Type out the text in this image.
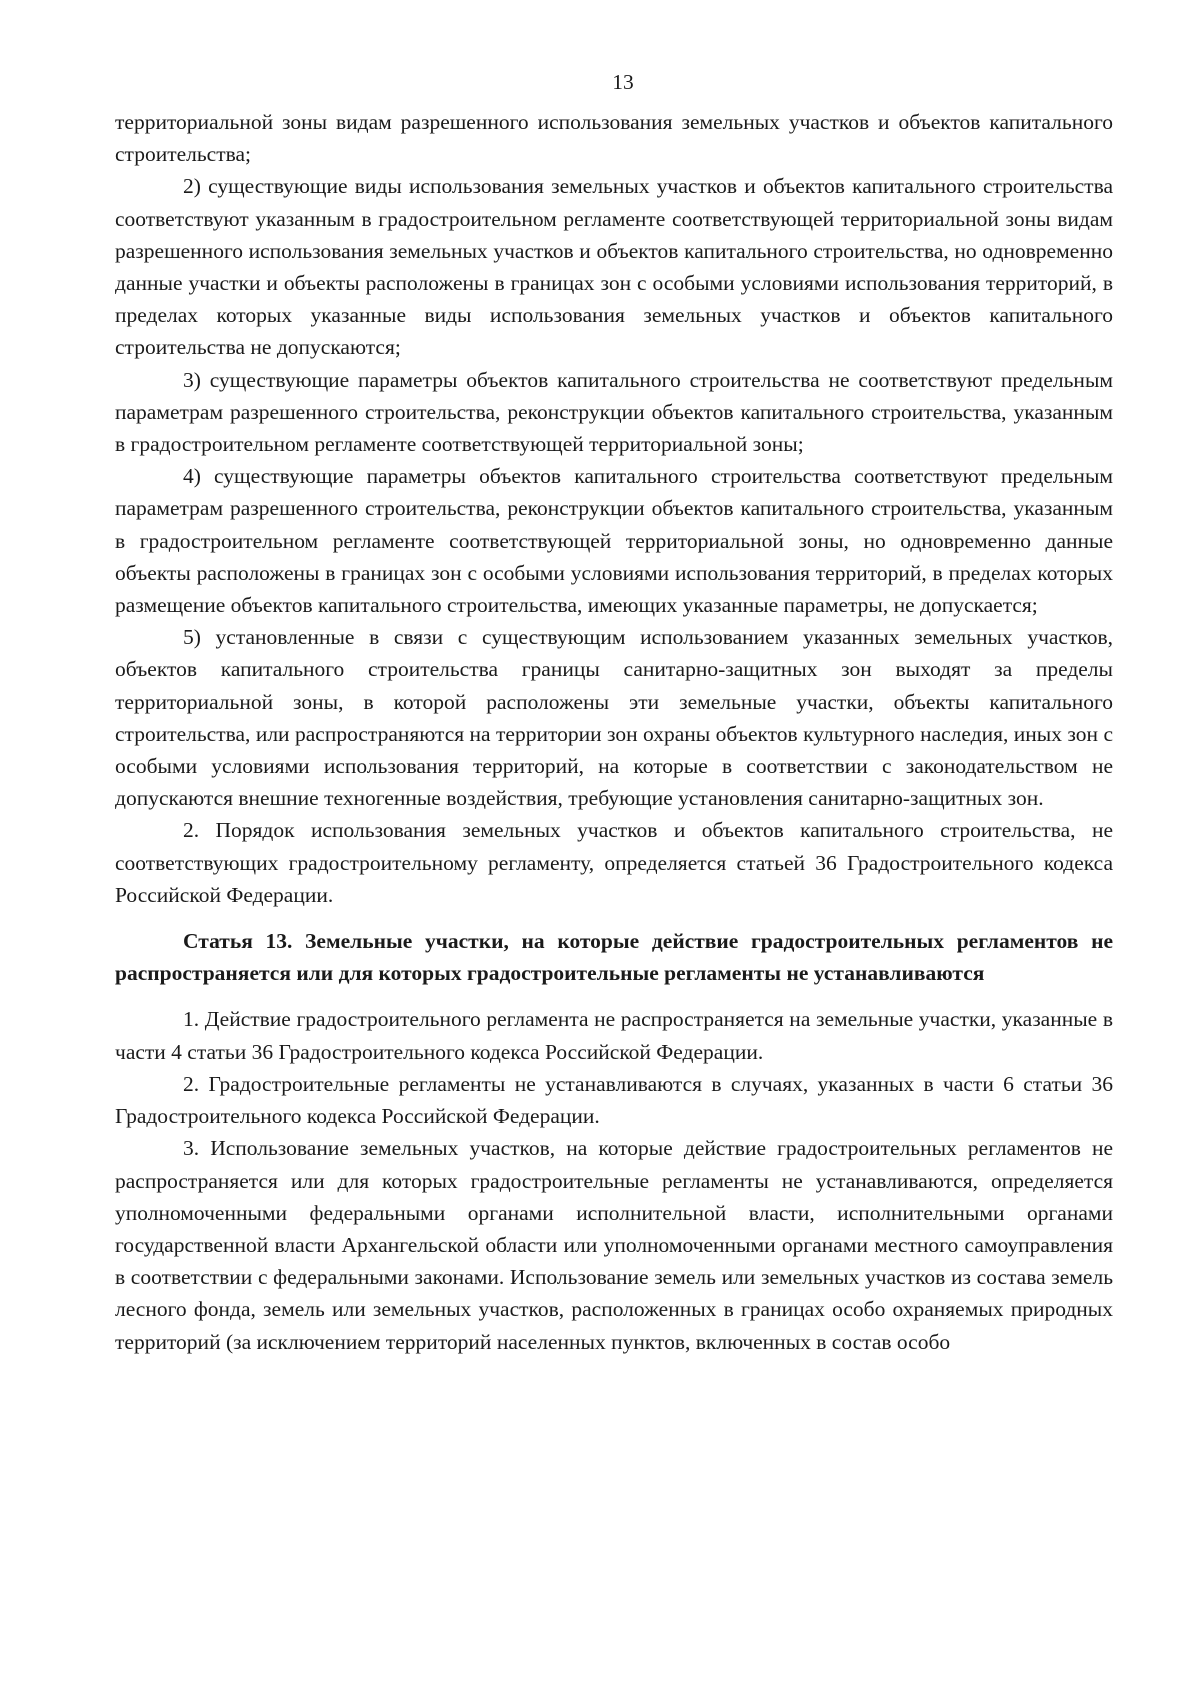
13

территориальной зоны видам разрешенного использования земельных участков и объектов капитального строительства;

2) существующие виды использования земельных участков и объектов капитального строительства соответствуют указанным в градостроительном регламенте соответствующей территориальной зоны видам разрешенного использования земельных участков и объектов капитального строительства, но одновременно данные участки и объекты расположены в границах зон с особыми условиями использования территорий, в пределах которых указанные виды использования земельных участков и объектов капитального строительства не допускаются;

3) существующие параметры объектов капитального строительства не соответствуют предельным параметрам разрешенного строительства, реконструкции объектов капитального строительства, указанным в градостроительном регламенте соответствующей территориальной зоны;

4) существующие параметры объектов капитального строительства соответствуют предельным параметрам разрешенного строительства, реконструкции объектов капитального строительства, указанным в градостроительном регламенте соответствующей территориальной зоны, но одновременно данные объекты расположены в границах зон с особыми условиями использования территорий, в пределах которых размещение объектов капитального строительства, имеющих указанные параметры, не допускается;

5) установленные в связи с существующим использованием указанных земельных участков, объектов капитального строительства границы санитарно-защитных зон выходят за пределы территориальной зоны, в которой расположены эти земельные участки, объекты капитального строительства, или распространяются на территории зон охраны объектов культурного наследия, иных зон с особыми условиями использования территорий, на которые в соответствии с законодательством не допускаются внешние техногенные воздействия, требующие установления санитарно-защитных зон.

2. Порядок использования земельных участков и объектов капитального строительства, не соответствующих градостроительному регламенту, определяется статьей 36 Градостроительного кодекса Российской Федерации.

Статья 13. Земельные участки, на которые действие градостроительных регламентов не распространяется или для которых градостроительные регламенты не устанавливаются

1. Действие градостроительного регламента не распространяется на земельные участки, указанные в части 4 статьи 36 Градостроительного кодекса Российской Федерации.

2. Градостроительные регламенты не устанавливаются в случаях, указанных в части 6 статьи 36 Градостроительного кодекса Российской Федерации.

3. Использование земельных участков, на которые действие градостроительных регламентов не распространяется или для которых градостроительные регламенты не устанавливаются, определяется уполномоченными федеральными органами исполнительной власти, исполнительными органами государственной власти Архангельской области или уполномоченными органами местного самоуправления в соответствии с федеральными законами. Использование земель или земельных участков из состава земель лесного фонда, земель или земельных участков, расположенных в границах особо охраняемых природных территорий (за исключением территорий населенных пунктов, включенных в состав особо
